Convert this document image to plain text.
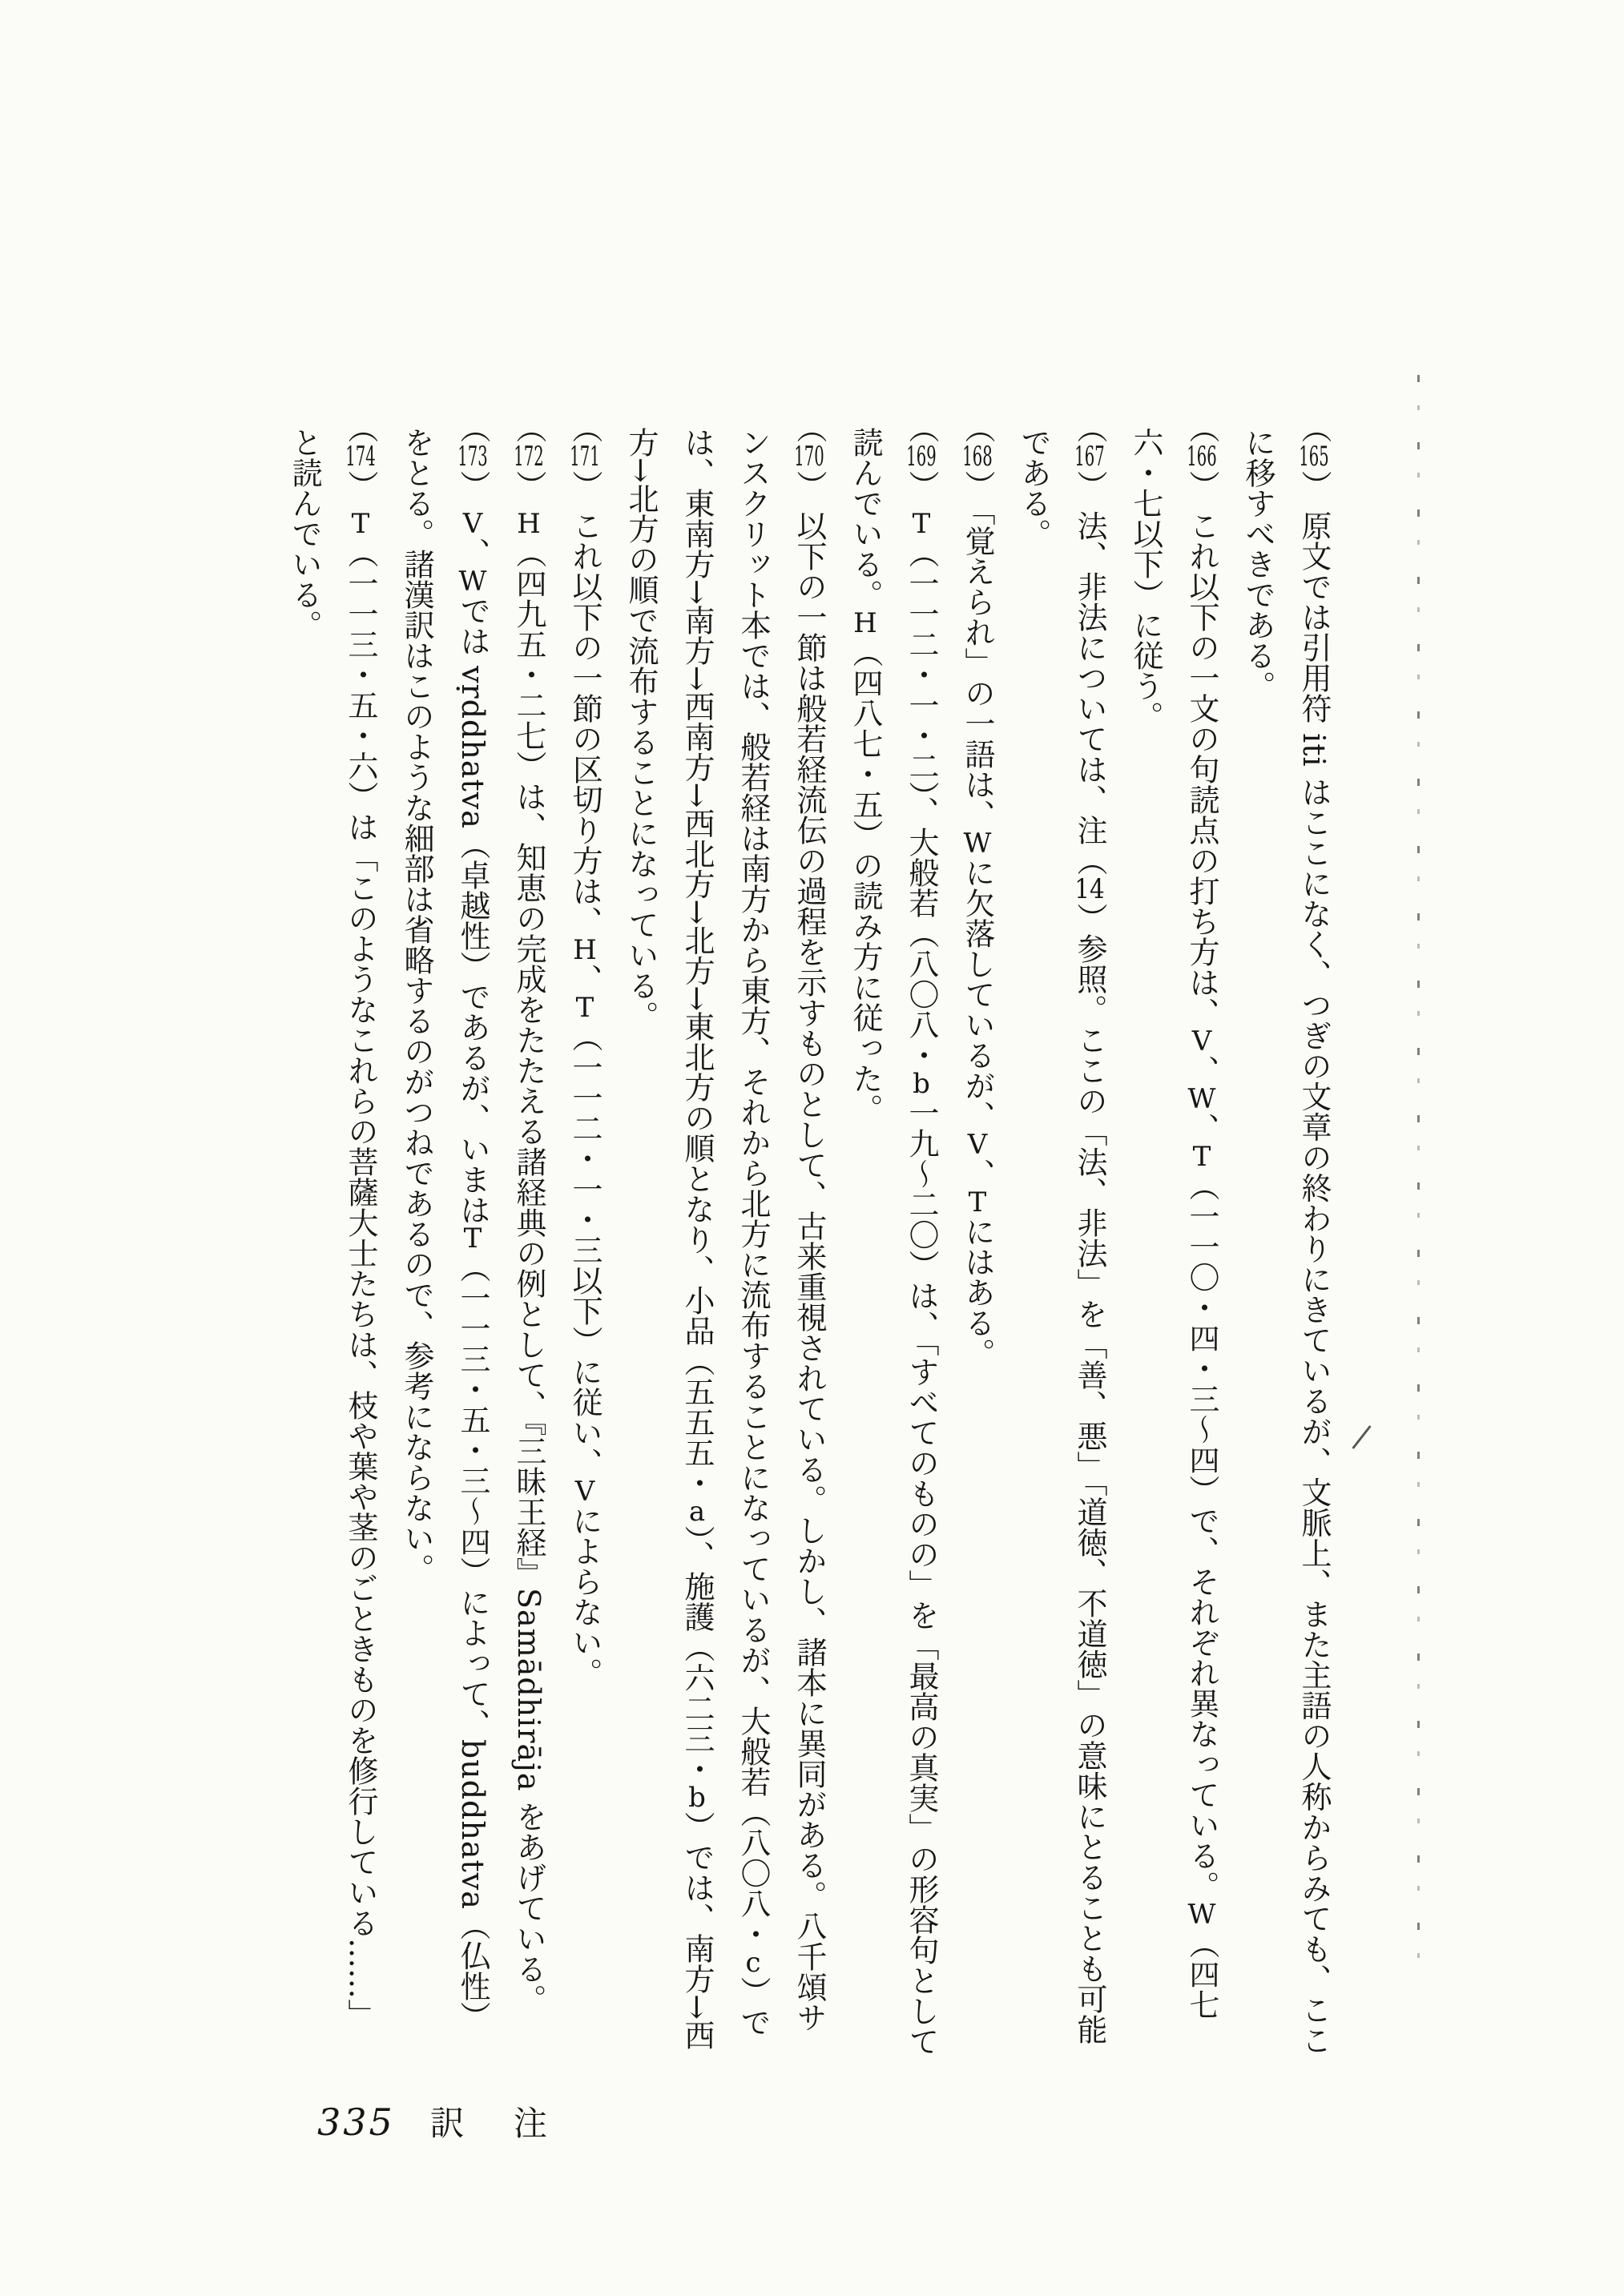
（165）原文では引用符 iti はここになく、つぎの文章の終わりにきているが、文脈上、また主語の人称からみても、ここに移すべきである。

（166）これ以下の一文の句読点の打ち方は、V、W、T（一一〇・四・三〜四）で、それぞれ異なっている。W（四七六・七以下）に従う。

（167）法、非法については、注（14）参照。ここの「法、非法」を「善、悪」「道徳、不道徳」の意味にとることも可能である。

（168）「覚えられ」の一語は、Wに欠落しているが、V、Tにはある。

（169）T（一一二・一・二）、大般若（八〇八・b一九〜二〇）は、「すべてのものの」を「最高の真実」の形容句として読んでいる。H（四八七・五）の読み方に従った。

（170）以下の一節は般若経流伝の過程を示すものとして、古来重視されている。しかし、諸本に異同がある。八千頌サンスクリット本では、般若経は南方から東方、それから北方に流布することになっているが、大般若（八〇八・c）では、東南方→南方→西南方→西北方→北方→東北方の順となり、小品（五五五・a）、施護（六二三・b）では、南方→西方→北方の順で流布することになっている。

（171）これ以下の一節の区切り方は、H、T（一一二・一・三以下）に従い、Vによらない。

（172）H（四九五・二七）は、知恵の完成をたたえる諸経典の例として、『三昧王経』Samādhirāja をあげている。

（173）V、Wでは vṛddhatva（卓越性）であるが、いまはT（一一三・五・三〜四）によって、buddhatva（仏性）をとる。諸漢訳はこのような細部は省略するのがつねであるので、参考にならない。

（174）T（一一三・五・六）は「このようなこれらの菩薩大士たちは、枝や葉や茎のごときものを修行している……」と読んでいる。

335 訳　注
